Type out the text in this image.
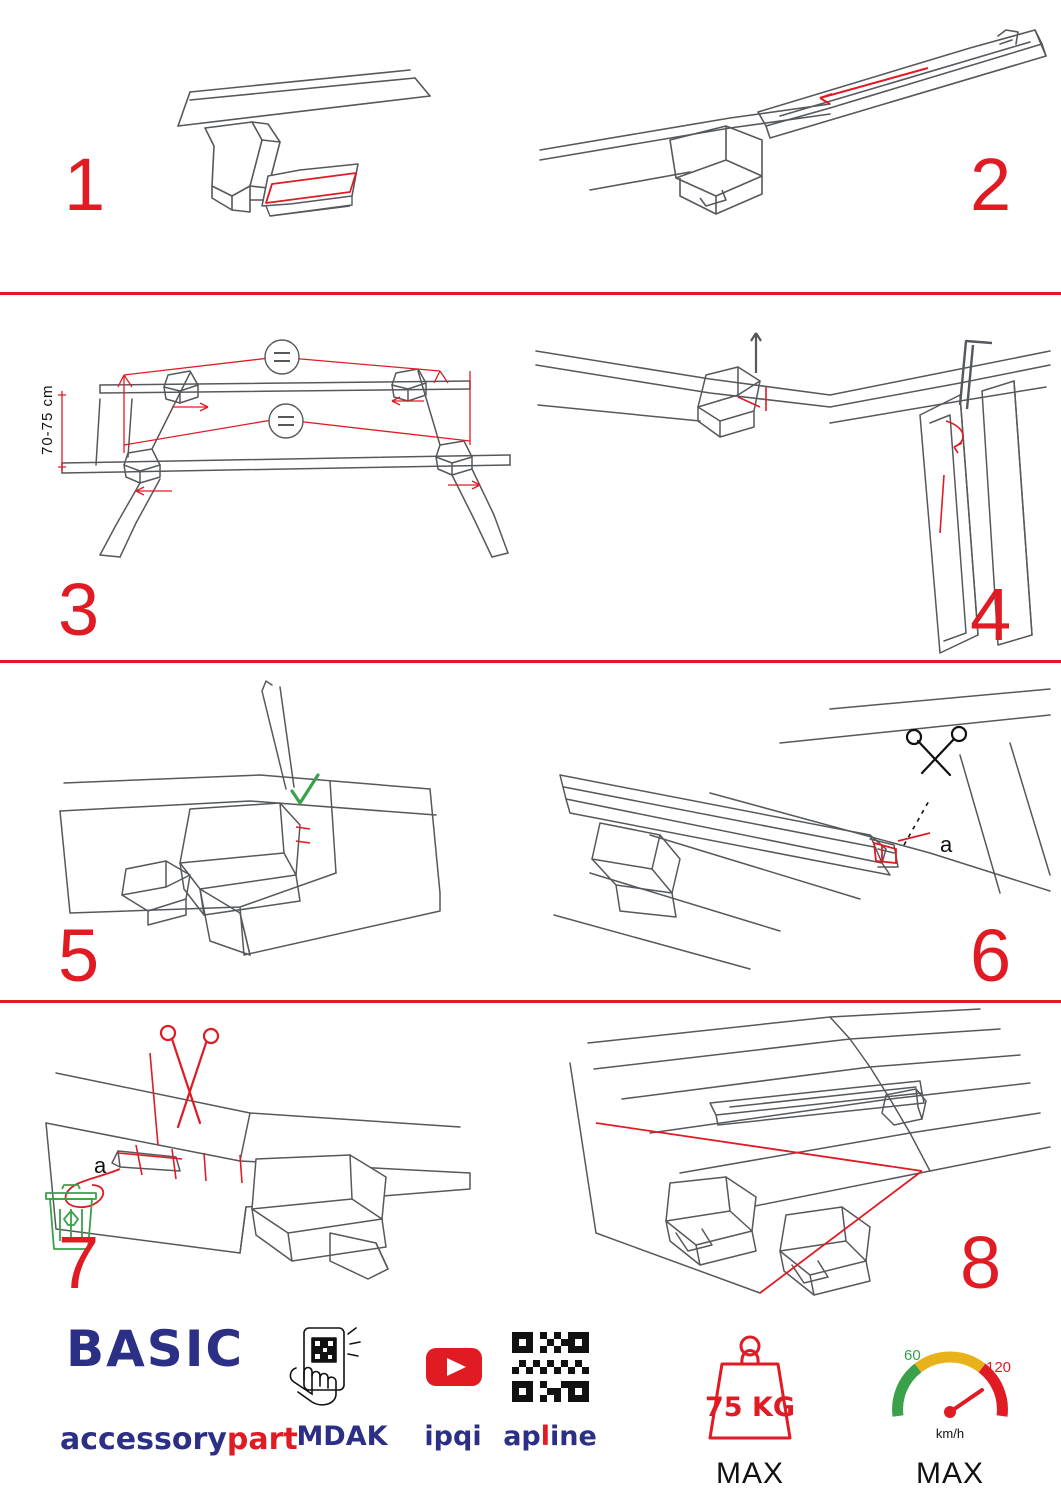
1	2
70-75 cm
3	4
5
a
6
a
7	8
BASIC
accessorypart
MDAK	ipqi apline
75 KG
MAX
60
120
km/h
MAX
